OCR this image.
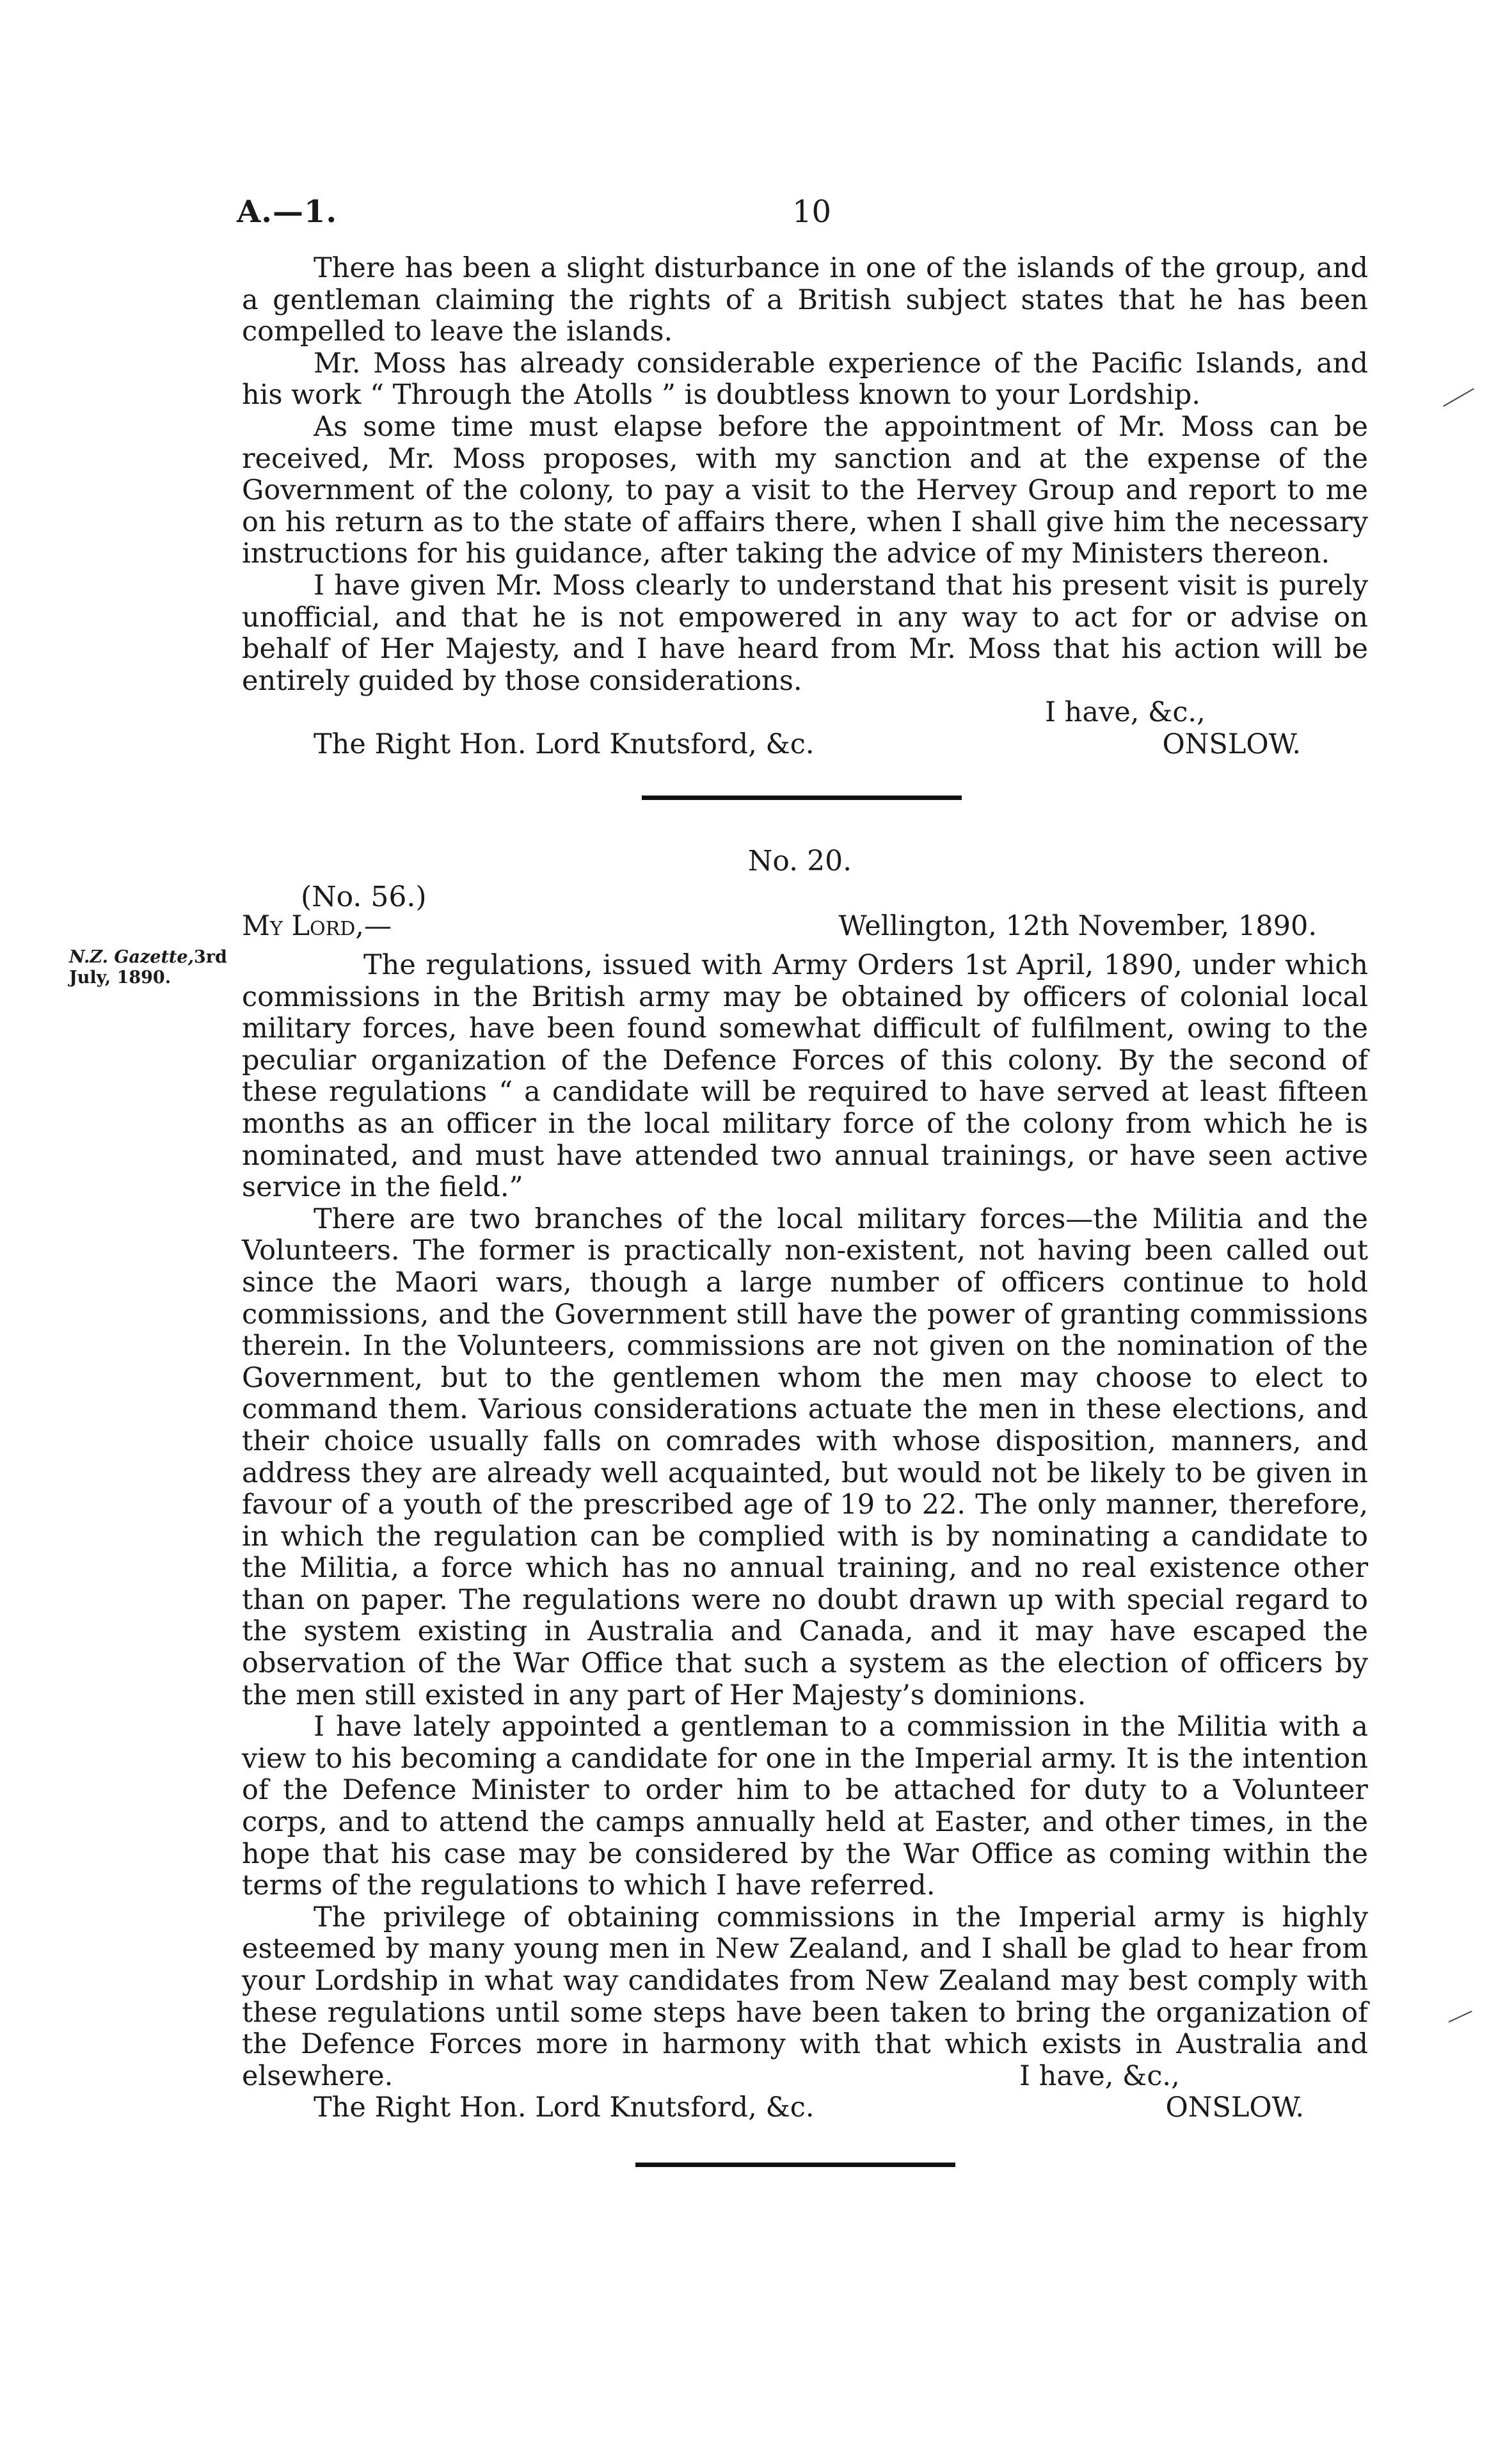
A.—1.	10

There has been a slight disturbance in one of the islands of the group, and a gentleman claiming the rights of a British subject states that he has been compelled to leave the islands.

Mr. Moss has already considerable experience of the Pacific Islands, and his work “ Through the Atolls ” is doubtless known to your Lordship.

As some time must elapse before the appointment of Mr. Moss can be received, Mr. Moss proposes, with my sanction and at the expense of the Government of the colony, to pay a visit to the Hervey Group and report to me on his return as to the state of affairs there, when I shall give him the necessary instructions for his guidance, after taking the advice of my Ministers thereon.

I have given Mr. Moss clearly to understand that his present visit is purely unofficial, and that he is not empowered in any way to act for or advise on behalf of Her Majesty, and I have heard from Mr. Moss that his action will be entirely guided by those considerations.

I have, &c.,
The Right Hon. Lord Knutsford, &c.	ONSLOW.
No. 20.
(No. 56.)
My Lord,—	Wellington, 12th November, 1890.
N.Z. Gazette,3rd
July, 1890.	The regulations, issued with Army Orders 1st April, 1890, under which commissions in the British army may be obtained by officers of colonial local military forces, have been found somewhat difficult of fulfilment, owing to the peculiar organization of the Defence Forces of this colony. By the second of these regulations “ a candidate will be required to have served at least fifteen months as an officer in the local military force of the colony from which he is nominated, and must have attended two annual trainings, or have seen active service in the field.”

There are two branches of the local military forces—the Militia and the Volunteers. The former is practically non-existent, not having been called out since the Maori wars, though a large number of officers continue to hold commissions, and the Government still have the power of granting commissions therein. In the Volunteers, commissions are not given on the nomination of the Government, but to the gentlemen whom the men may choose to elect to command them. Various considerations actuate the men in these elections, and their choice usually falls on comrades with whose disposition, manners, and address they are already well acquainted, but would not be likely to be given in favour of a youth of the prescribed age of 19 to 22. The only manner, therefore, in which the regulation can be complied with is by nominating a candidate to the Militia, a force which has no annual training, and no real existence other than on paper. The regulations were no doubt drawn up with special regard to the system existing in Australia and Canada, and it may have escaped the observation of the War Office that such a system as the election of officers by the men still existed in any part of Her Majesty’s dominions.

I have lately appointed a gentleman to a commission in the Militia with a view to his becoming a candidate for one in the Imperial army. It is the intention of the Defence Minister to order him to be attached for duty to a Volunteer corps, and to attend the camps annually held at Easter, and other times, in the hope that his case may be considered by the War Office as coming within the terms of the regulations to which I have referred.

The privilege of obtaining commissions in the Imperial army is highly esteemed by many young men in New Zealand, and I shall be glad to hear from your Lordship in what way candidates from New Zealand may best comply with these regulations until some steps have been taken to bring the organization of the Defence Forces more in harmony with that which exists in Australia and elsewhere.	I have, &c.,
The Right Hon. Lord Knutsford, &c.	ONSLOW.
